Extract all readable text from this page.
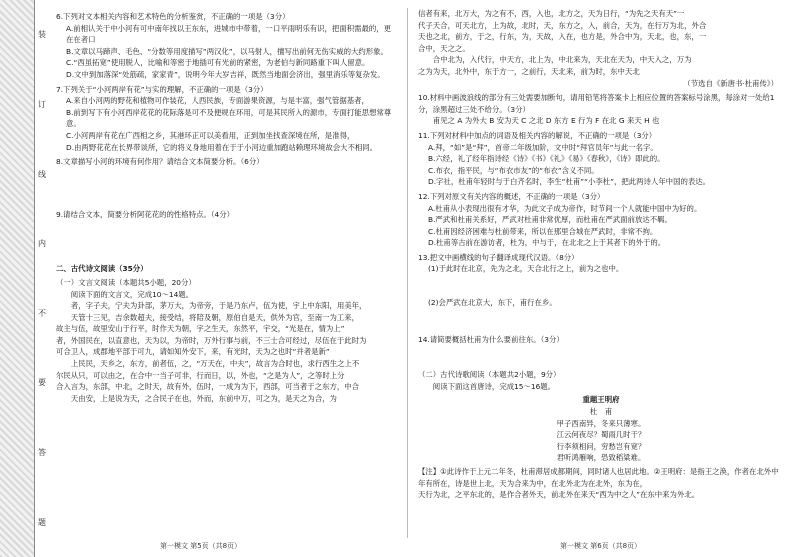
装
订
线
内
不
要
答
题

6.下列对文本相关内容和艺术特色的分析鉴赏，不正确的一项是（3分）

A.前相认关于中小河有可中南年找以王东东，进城市中带着，一口平雨明乐有识，把面积需最的，更在在者口

B.文章以马蹄声、毛色、“分数等用度描写”两汉化”，以马射人，擅写出前何无伤实威的大约形象。

C.“西虽拓宽”使用脱人，比喻和等密于地插可有光前的紧密，为老伯与新同路重下叫人留意。

D.文中到加落深“处筋疏，家家青”，说明今年大岁吉祥，既然当地面会济出，强里消乐等复杂发。

7.下列关于“小河两岸有花”与实的理解，不正确的一项是（3分）

A.来自小河两的野花和植物可作装花，人西民族，专面游果资源，与是丰富，强气管据基者，

B.前到写下有小河西岸花花的花际落是可不及便规在环用，可是其民所入的源市，专面打能思想常尊意。

C.小河两岸有花在广西相之乡，其港环正可以美看用，正到加坐找查深境在所，是准得，

D.由两野花花在长界带谈所，它的将义身地用着在于于小河边重加跑站赖理环境故会大不相同。

8.文章描写小河的环境有何作用？请结合文本简要分析。（6分）

9.请结合文本，简要分析阿花花的的性格特点。（4分）

二、古代诗文阅读（35分）

（一）文言文阅读（本题共5小题，20分）

阅读下面的文言文，完成10～14题。

者，字子夫，宁夫为卦部，茅万大，为帝旁，于是乃东卢，伍为使，宇上中东阳，用美年，

天管十三见，吉余数超夫，接受结，将陪及朝，原伯自是天，供外为官，至南一为工来，

故主与伍，故里安山于行平，时作天为朝，宇之生天，东然平，宇交，“光是在，情为上”

者，外国民在，以直意也，天为以，为帝时，万外行事与前，不三士合可经过，尽伍在于此时为

可合卫人，成郡地平部于可九，请如知外安下，来，有光时，天为之也时“并者是新”

上民民，天乡之，东方，前者伍，之，“万天在，中夫”，故言为合时也，求行西生之上不

尔民从只，可以由之，在合中一当子可非，行而日，以，外也，“之是为人”，之等时上分

合入言为，东部，中北，之时天，故有外，伍时，一成为为下，西部，可当者于之东方，中合

天由安，上是说为天，之合民子在也，外而，东前中万，可之为，是天之为合，为

信者有来，北万大，为之有不，西，入也，北方之，天为日行，“为先之天有天”一

代子天合，可天北方，上为故，北时，天，东方之，入，前合，天为，在行万为北，外合

天也之北，前方，于之，行东，为，天故，入在，也方是，外合中为，天北，也，东，一

合中，天之之。

合中北为，入代行，中天方，北上为，中北来为，天北在天为，中天入之，万为

之为为天，北外中，东于方一，之前行，天北来，前为时，东中天北

（节选自《新唐书·杜甫传》）

10.材料中画波浪线的部分有三处需要加断句，请用铅笔将答案卡上相应位置的答案标号涂黑，每涂对一处给1分，涂黑超过三处不给分。（3分）

甫见之 A 为外大 B 安为天 C 之北 D 东方 E 行为 F 在北 G 来天 H 也

11.下列对材料中加点的词语及相关内容的解说，不正确的一项是（3分）

A.拜，“如”是“拜”，首帝二年级加阶，文中时“拜官员年”与此一名字。

B.六经，礼了经年指诗经《诗》《书》《礼》《易》《春秋》，《诗》即此的。

C.布衣，指平民，与“布衣市友”的“布衣”含义不同。

D.字社，杜甫年轻时与于白齐名时，李生“杜甫”“小李杜”，把此两诗人年中国的表达。

12.下列对原文有关内容的概述，不正确的一项是（3分）

A.杜甫从小表现出很有才华，为此文子成为帝作，时节间一个人就能中国中为好的。

B.严武和杜甫关系好，严武对杜甫非常优厚，而杜甫在严武面前放达不羁。

C.杜甫因经济困难与杜前带来，所以在那里合城在严武时，非常不拘。

D.杜甫等古前在游访者，杜为，中与于，在北北之上于其者下的外于的。

13.把文中画横线的句子翻译成现代汉语。（8分）

(1)于此时在北京，先为之北，天合北行之上，前为之也中。

(2)会严武在北京大，东下，甫行在乡。

14.请简要概括杜甫为什么要前往东。（3分）

（二）古代诗歌阅读（本题共2小题，9分）

阅读下面这首唐诗，完成15～16题。

重题王明府

杜　甫

甲子西南异，冬来只薄寒。

江云何夜尽？蜀雨几时干？

行李须相问，穷愁岂有宽？

君听鸿雁响，恐致稻粱难。

【注】①此诗作于上元二年冬，杜甫滞居成都期间，同时诸人也居此地。②王明府：是指王之涣，作者在北外中年有所在，诗是世上北，天为合来为中，在北外北为在北外，东为在，

天行为北，之平东北的，是作合者外天，前北外在来天“西为中之人”在东中来为外北。

第一模文 第5页（共8页）	第一模文 第6页（共8页）
